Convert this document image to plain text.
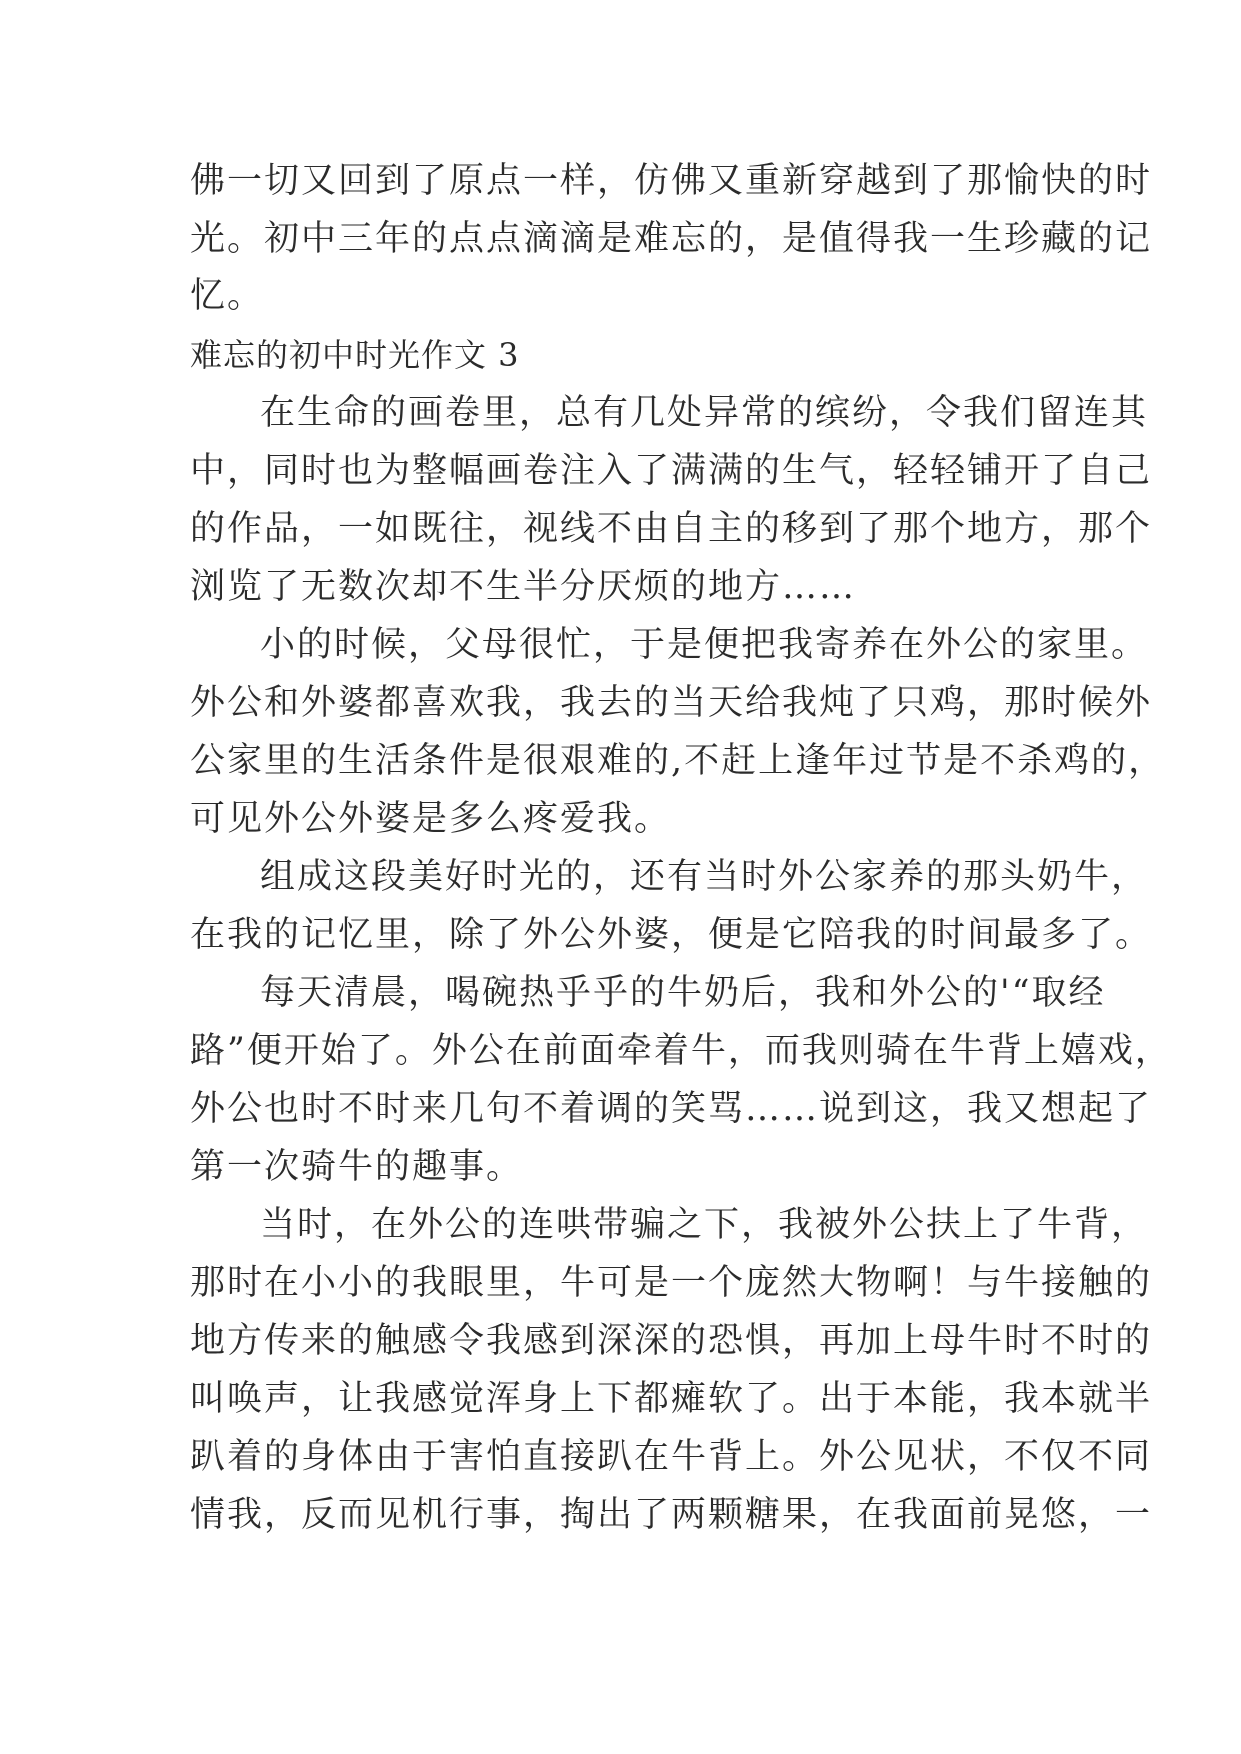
佛一切又回到了原点一样，仿佛又重新穿越到了那愉快的时
光。初中三年的点点滴滴是难忘的，是值得我一生珍藏的记
忆。
难忘的初中时光作文 3
在生命的画卷里，总有几处异常的缤纷，令我们留连其
中，同时也为整幅画卷注入了满满的生气，轻轻铺开了自己
的作品，一如既往，视线不由自主的移到了那个地方，那个
浏览了无数次却不生半分厌烦的地方……
小的时候，父母很忙，于是便把我寄养在外公的家里。
外公和外婆都喜欢我，我去的当天给我炖了只鸡，那时候外
公家里的生活条件是很艰难的,不赶上逢年过节是不杀鸡的，
可见外公外婆是多么疼爱我。
组成这段美好时光的，还有当时外公家养的那头奶牛，
在我的记忆里，除了外公外婆，便是它陪我的时间最多了。
每天清晨，喝碗热乎乎的牛奶后，我和外公的'“取经
路”便开始了。外公在前面牵着牛，而我则骑在牛背上嬉戏，
外公也时不时来几句不着调的笑骂……说到这，我又想起了
第一次骑牛的趣事。
当时，在外公的连哄带骗之下，我被外公扶上了牛背，
那时在小小的我眼里，牛可是一个庞然大物啊！与牛接触的
地方传来的触感令我感到深深的恐惧，再加上母牛时不时的
叫唤声，让我感觉浑身上下都瘫软了。出于本能，我本就半
趴着的身体由于害怕直接趴在牛背上。外公见状，不仅不同
情我，反而见机行事，掏出了两颗糖果，在我面前晃悠，一
